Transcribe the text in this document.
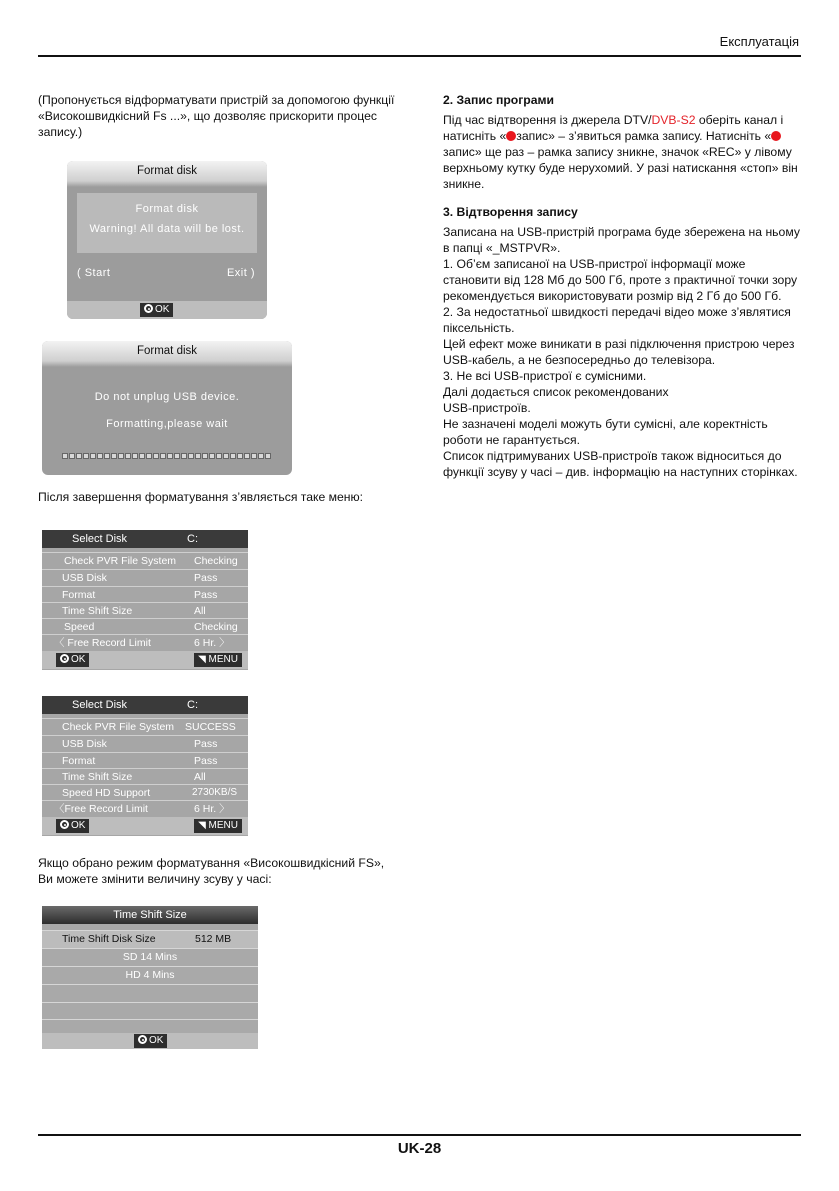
Експлуатація
UK-28
(Пропонується відформатувати пристрій за допомогою функції «Високошвидкісний Fs ...», що дозволяє прискорити процес запису.)
Після завершення форматування з’являється таке меню:
Якщо обрано режим форматування «Високошвидкісний FS», Ви можете змінити величину зсуву у часі:
Format disk
Format disk
Warning! All data will be lost.
( Start	Exit )
OK
Format disk
Do not unplug USB device.
Formatting,please wait
Select Disk	C:
Check PVR File System Checking
USB Disk	Pass
Format	Pass
Time Shift Size	All
Speed	Checking
〈 Free Record Limit	6 Hr. 〉
OK	◥ MENU
Select Disk	C:
Check PVR File System SUCCESS
USB Disk	Pass
Format	Pass
Time Shift Size	All
Speed HD Support	2730KB/S
〈Free Record Limit	6 Hr. 〉
OK	◥ MENU
Time Shift Size
Time Shift Disk Size	512 MB
SD 14 Mins
HD 4 Mins
OK

2. Запис програми

Під час відтворення із джерела DTV/DVB-S2 оберіть канал і натисніть « запис» – з’явиться рамка запису. Натисніть «запис» ще раз – рамка запису зникне, значок «REC» у лівому верхньому кутку буде нерухомий. У разі натискання «стоп» він зникне.

3. Відтворення запису

Записана на USB-пристрій програма буде збережена на ньому в папці «_MSTPVR».

1. Об’єм записаної на USB-пристрої інформації може становити від 128 Мб до 500 Гб, проте з практичної точки зору рекомендується використовувати розмір від 2 Гб до 500 Гб.

2. За недостатньої швидкості передачі відео може з’являтися піксельність.

Цей ефект може виникати в разі підключення пристрою через USB-кабель, а не безпосередньо до телевізора.

3. Не всі USB-пристрої є сумісними.

Далі додається список рекомендованих

USB-пристроїв.

Не зазначені моделі можуть бути сумісні, але коректність роботи не гарантується.

Список підтримуваних USB-пристроїв також відноситься до функції зсуву у часі – див. інформацію на наступних сторінках.
